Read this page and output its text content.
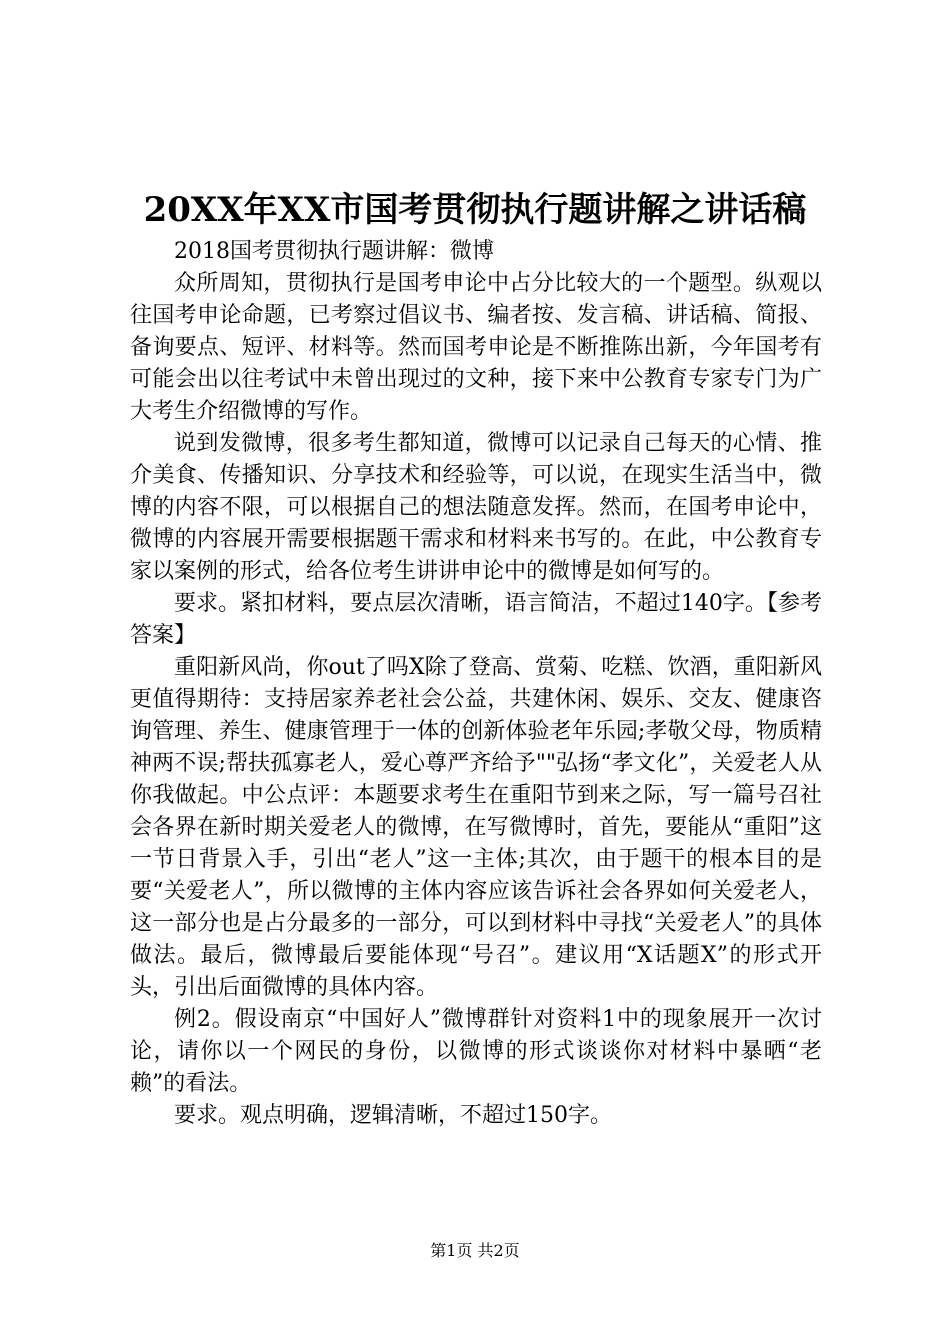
20XX年XX市国考贯彻执行题讲解之讲话稿

2018国考贯彻执行题讲解：微博

众所周知，贯彻执行是国考申论中占分比较大的一个题型。纵观以往国考申论命题，已考察过倡议书、编者按、发言稿、讲话稿、简报、备询要点、短评、材料等。然而国考申论是不断推陈出新，今年国考有可能会出以往考试中未曾出现过的文种，接下来中公教育专家专门为广大考生介绍微博的写作。

说到发微博，很多考生都知道，微博可以记录自己每天的心情、推介美食、传播知识、分享技术和经验等，可以说，在现实生活当中，微博的内容不限，可以根据自己的想法随意发挥。然而，在国考申论中，微博的内容展开需要根据题干需求和材料来书写的。在此，中公教育专家以案例的形式，给各位考生讲讲申论中的微博是如何写的。

要求。紧扣材料，要点层次清晰，语言简洁，不超过140字。【参考答案】

重阳新风尚，你out了吗X除了登高、赏菊、吃糕、饮酒，重阳新风更值得期待：支持居家养老社会公益，共建休闲、娱乐、交友、健康咨询管理、养生、健康管理于一体的创新体验老年乐园;孝敬父母，物质精神两不误;帮扶孤寡老人，爱心尊严齐给予""弘扬“孝文化”，关爱老人从你我做起。中公点评：本题要求考生在重阳节到来之际，写一篇号召社会各界在新时期关爱老人的微博，在写微博时，首先，要能从“重阳”这一节日背景入手，引出“老人”这一主体;其次，由于题干的根本目的是要“关爱老人”，所以微博的主体内容应该告诉社会各界如何关爱老人，这一部分也是占分最多的一部分，可以到材料中寻找“关爱老人”的具体做法。最后，微博最后要能体现“号召”。建议用“X话题X”的形式开头，引出后面微博的具体内容。

例2。假设南京“中国好人”微博群针对资料1中的现象展开一次讨论，请你以一个网民的身份，以微博的形式谈谈你对材料中暴晒“老赖”的看法。

要求。观点明确，逻辑清晰，不超过150字。

第1页 共2页
